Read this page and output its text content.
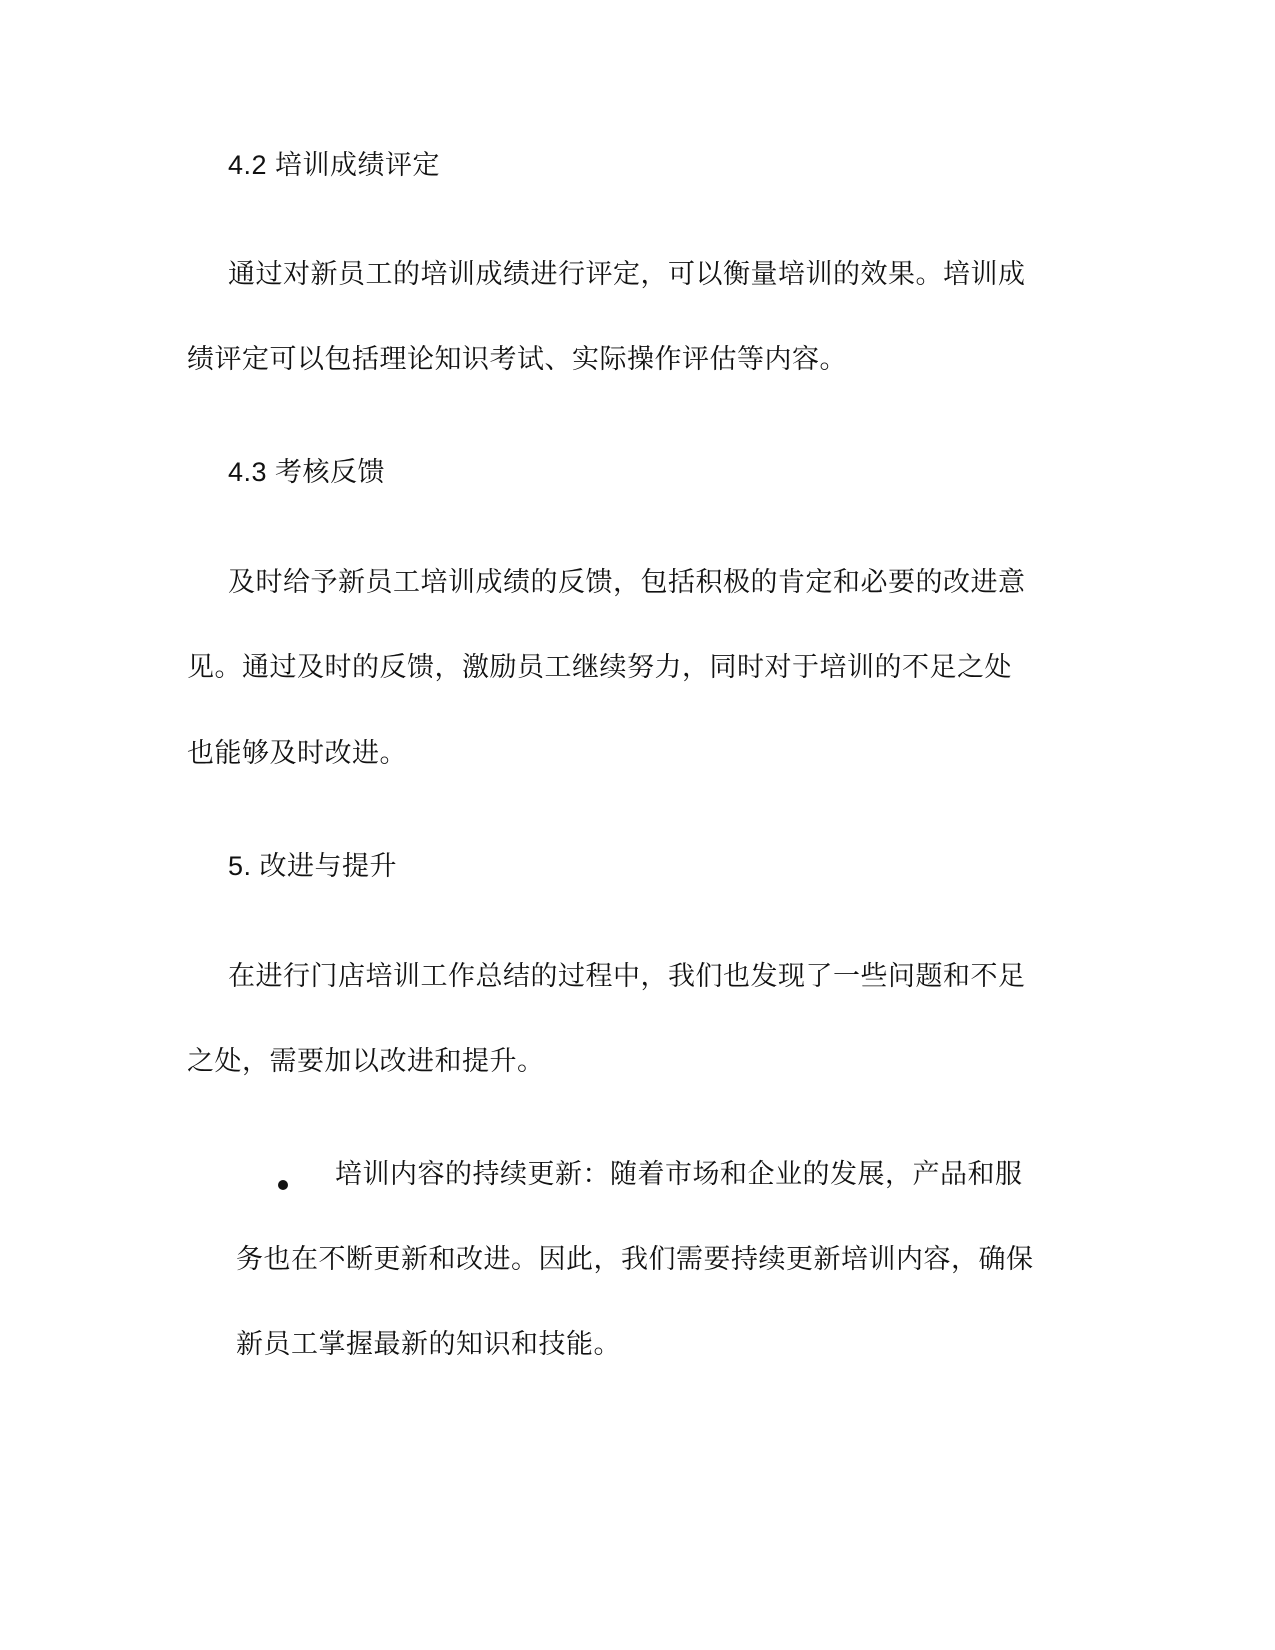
4.2 培训成绩评定
通过对新员工的培训成绩进行评定，可以衡量培训的效果。培训成
绩评定可以包括理论知识考试、实际操作评估等内容。
4.3 考核反馈
及时给予新员工培训成绩的反馈，包括积极的肯定和必要的改进意
见。通过及时的反馈，激励员工继续努力，同时对于培训的不足之处
也能够及时改进。
5. 改进与提升
在进行门店培训工作总结的过程中，我们也发现了一些问题和不足
之处，需要加以改进和提升。
培训内容的持续更新：随着市场和企业的发展，产品和服
务也在不断更新和改进。因此，我们需要持续更新培训内容，确保
新员工掌握最新的知识和技能。
